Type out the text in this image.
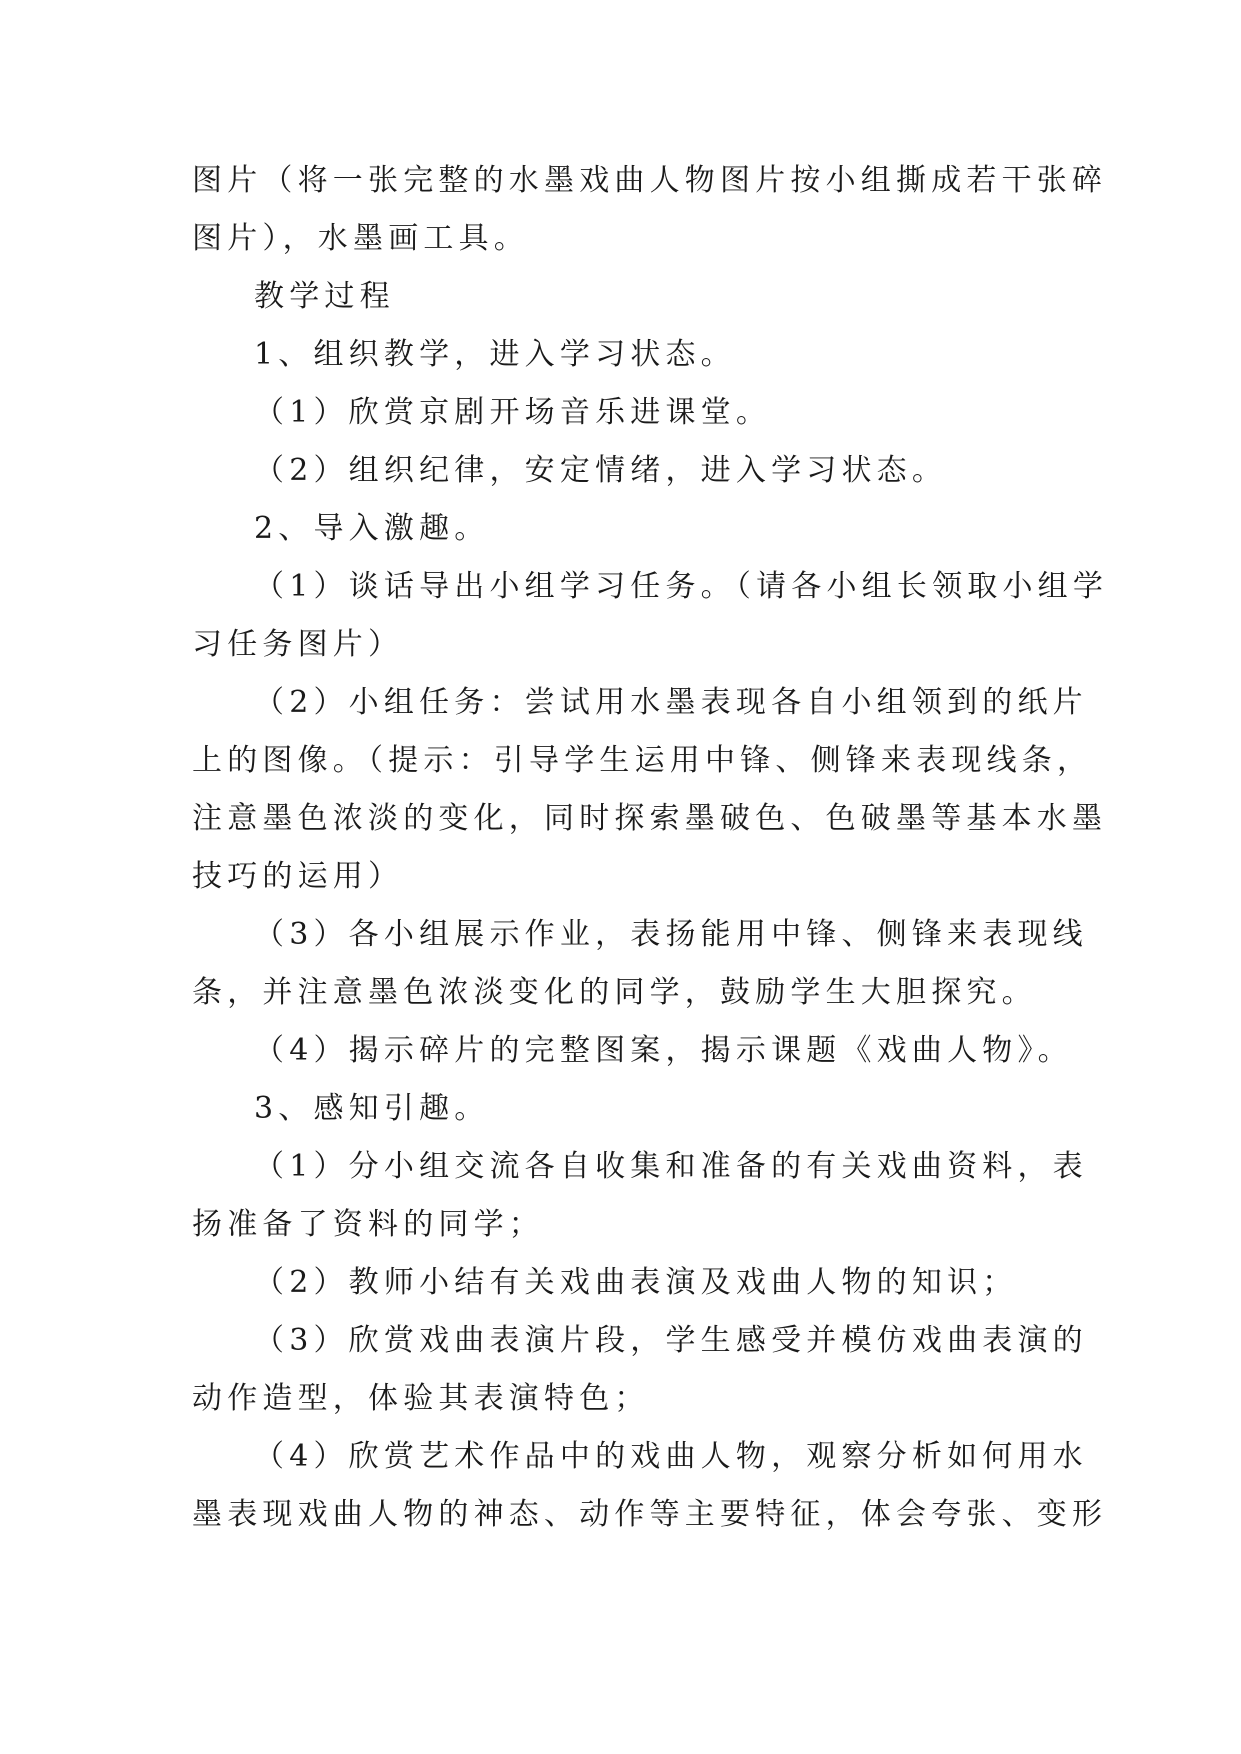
图片（将一张完整的水墨戏曲人物图片按小组撕成若干张碎
图片），水墨画工具。
教学过程
1、组织教学，进入学习状态。
（1）欣赏京剧开场音乐进课堂。
（2）组织纪律，安定情绪，进入学习状态。
2、导入激趣。
（1）谈话导出小组学习任务。（请各小组长领取小组学
习任务图片）
（2）小组任务：尝试用水墨表现各自小组领到的纸片
上的图像。（提示：引导学生运用中锋、侧锋来表现线条，
注意墨色浓淡的变化，同时探索墨破色、色破墨等基本水墨
技巧的运用）
（3）各小组展示作业，表扬能用中锋、侧锋来表现线
条，并注意墨色浓淡变化的同学，鼓励学生大胆探究。
（4）揭示碎片的完整图案，揭示课题《戏曲人物》。
3、感知引趣。
（1）分小组交流各自收集和准备的有关戏曲资料，表
扬准备了资料的同学；
（2）教师小结有关戏曲表演及戏曲人物的知识；
（3）欣赏戏曲表演片段，学生感受并模仿戏曲表演的
动作造型，体验其表演特色；
（4）欣赏艺术作品中的戏曲人物，观察分析如何用水
墨表现戏曲人物的神态、动作等主要特征，体会夸张、变形
